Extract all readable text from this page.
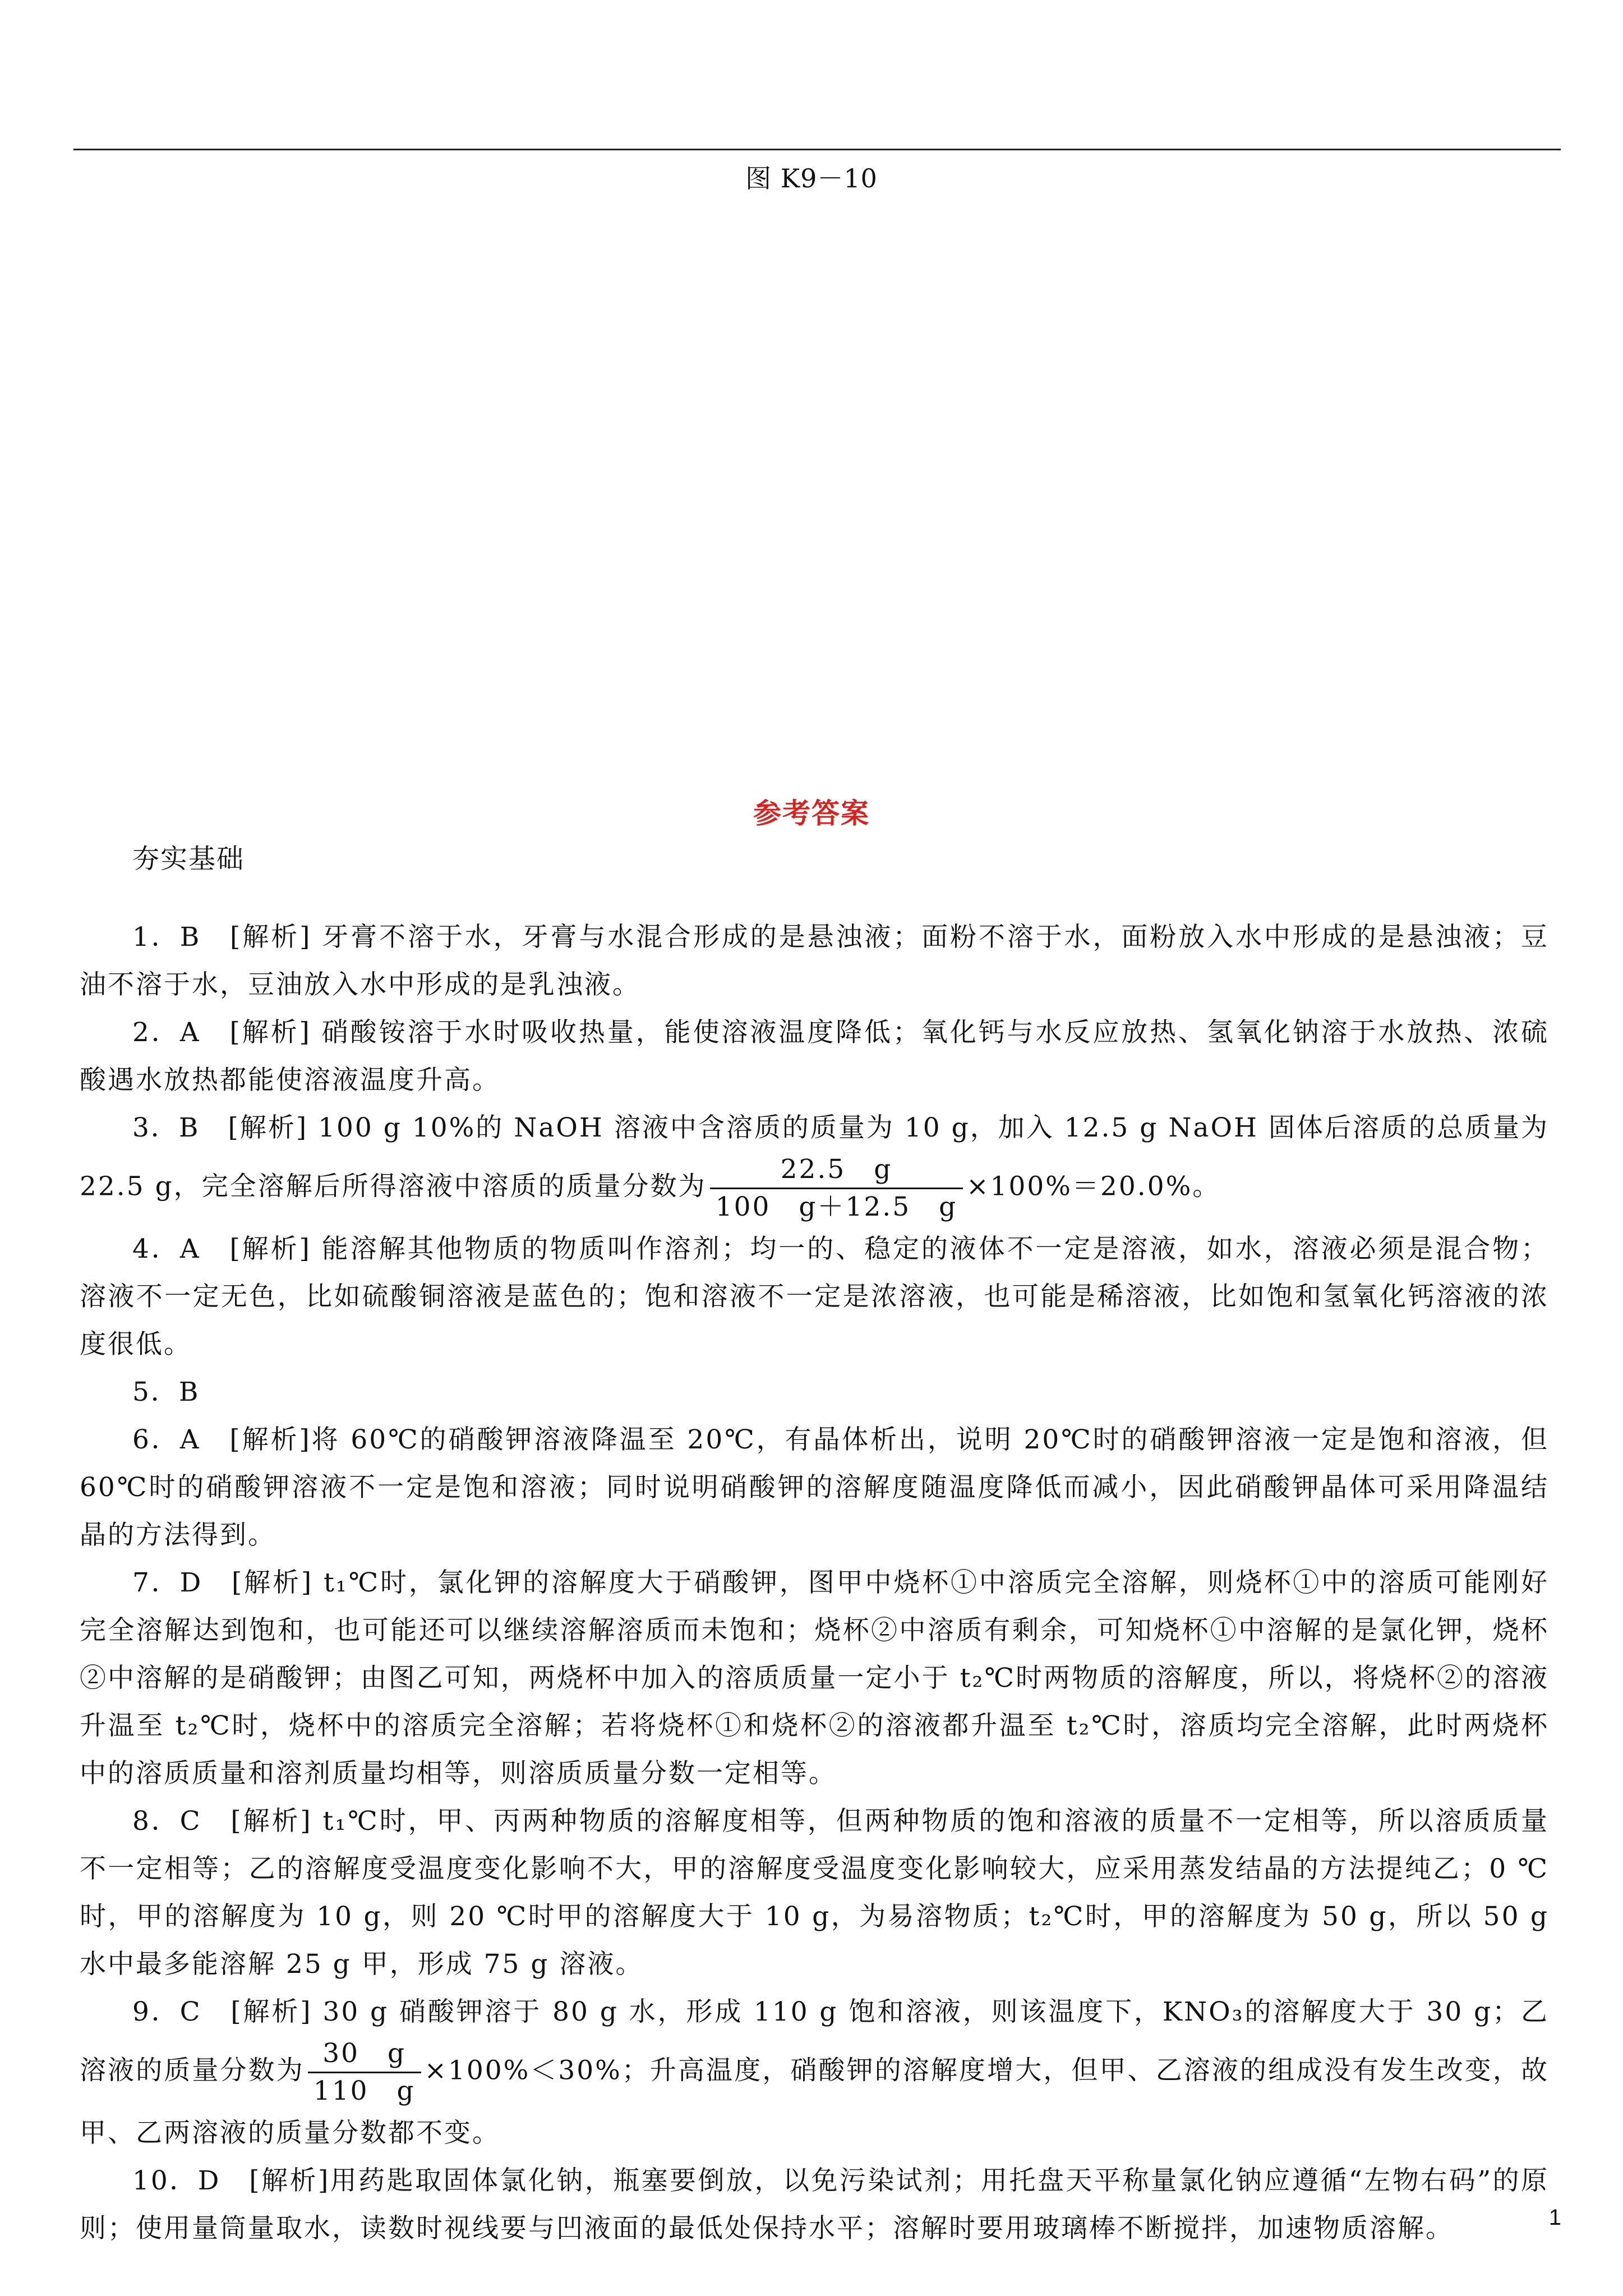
图 K9－10
参考答案
夯实基础

1．B　[解析] 牙膏不溶于水，牙膏与水混合形成的是悬浊液；面粉不溶于水，面粉放入水中形成的是悬浊液；豆油不溶于水，豆油放入水中形成的是乳浊液。

2．A　[解析] 硝酸铵溶于水时吸收热量，能使溶液温度降低；氧化钙与水反应放热、氢氧化钠溶于水放热、浓硫酸遇水放热都能使溶液温度升高。

3．B　[解析] 100 g 10%的 NaOH 溶液中含溶质的质量为 10 g，加入 12.5 g NaOH 固体后溶质的总质量为 22.5 g，完全溶解后所得溶液中溶质的质量分数为 $\frac{22.5 g}{100 g+12.5 g} \times 100\%=20.0\%$。

4．A　[解析] 能溶解其他物质的物质叫作溶剂；均一的、稳定的液体不一定是溶液，如水，溶液必须是混合物；溶液不一定无色，比如硫酸铜溶液是蓝色的；饱和溶液不一定是浓溶液，也可能是稀溶液，比如饱和氢氧化钙溶液的浓度很低。

5．B

6．A　[解析]将 60℃的硝酸钾溶液降温至 20℃，有晶体析出，说明 20℃时的硝酸钾溶液一定是饱和溶液，但 60℃时的硝酸钾溶液不一定是饱和溶液；同时说明硝酸钾的溶解度随温度降低而减小，因此硝酸钾晶体可采用降温结晶的方法得到。

7．D　[解析] t₁℃时，氯化钾的溶解度大于硝酸钾，图甲中烧杯①中溶质完全溶解，则烧杯①中的溶质可能刚好完全溶解达到饱和，也可能还可以继续溶解溶质而未饱和；烧杯②中溶质有剩余，可知烧杯①中溶解的是氯化钾，烧杯②中溶解的是硝酸钾；由图乙可知，两烧杯中加入的溶质质量一定小于 t₂℃时两物质的溶解度，所以，将烧杯②的溶液升温至 t₂℃时，烧杯中的溶质完全溶解；若将烧杯①和烧杯②的溶液都升温至 t₂℃时，溶质均完全溶解，此时两烧杯中的溶质质量和溶剂质量均相等，则溶质质量分数一定相等。

8．C　[解析] t₁℃时，甲、丙两种物质的溶解度相等，但两种物质的饱和溶液的质量不一定相等，所以溶质质量不一定相等；乙的溶解度受温度变化影响不大，甲的溶解度受温度变化影响较大，应采用蒸发结晶的方法提纯乙；0 ℃时，甲的溶解度为 10 g，则 20 ℃时甲的溶解度大于 10 g，为易溶物质；t₂℃时，甲的溶解度为 50 g，所以 50 g 水中最多能溶解 25 g 甲，形成 75 g 溶液。

9．C　[解析] 30 g 硝酸钾溶于 80 g 水，形成 110 g 饱和溶液，则该温度下，KNO₃的溶解度大于 30 g；乙溶液的质量分数为 $\frac{30 g}{110 g} \times 100\%<30\%$；升高温度，硝酸钾的溶解度增大，但甲、乙溶液的组成没有发生改变，故甲、乙两溶液的质量分数都不变。

10．D　[解析]用药匙取固体氯化钠，瓶塞要倒放，以免污染试剂；用托盘天平称量氯化钠应遵循“左物右码”的原则；使用量筒量取水，读数时视线要与凹液面的最低处保持水平；溶解时要用玻璃棒不断搅拌，加速物质溶解。	1
